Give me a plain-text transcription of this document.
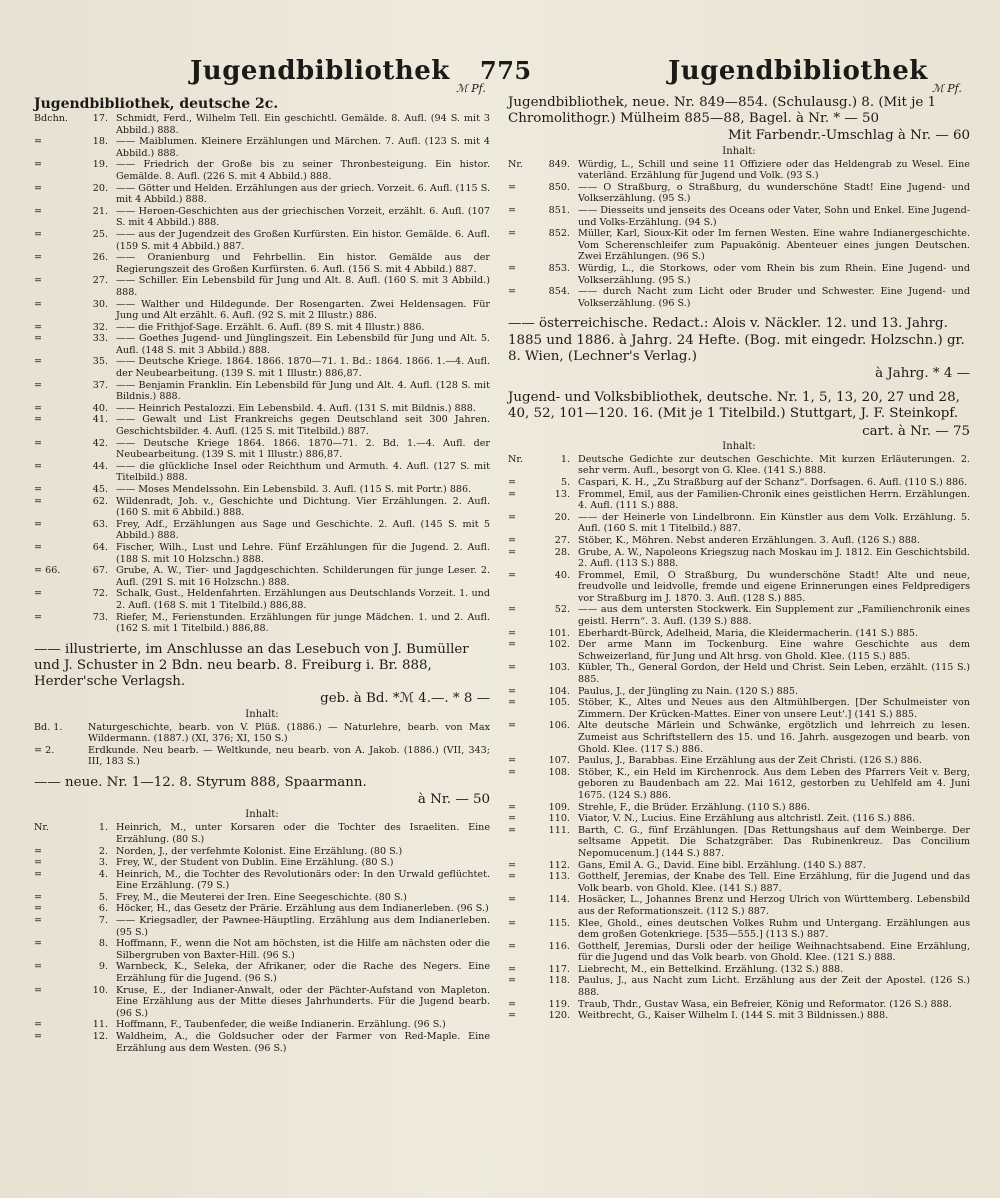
Jugendbibliothek 775	Jugendbibliothek
ℳ Pf.	ℳ Pf.
Jugendbibliothek, deutsche 2c.
Bdchn.	17. Schmidt, Ferd., Wilhelm Tell. Ein geschichtl. Gemälde. 8. Aufl. (94 S. mit 3 Abbild.) 888.
=	18. —— Maiblumen. Kleinere Erzählungen und Märchen. 7. Aufl. (123 S. mit 4 Abbild.) 888.
=	19. —— Friedrich der Große bis zu seiner Thronbesteigung. Ein histor. Gemälde. 8. Aufl. (226 S. mit 4 Abbild.) 888.
=	20. —— Götter und Helden. Erzählungen aus der griech. Vorzeit. 6. Aufl. (115 S. mit 4 Abbild.) 888.
=	21. —— Heroen-Geschichten aus der griechischen Vorzeit, erzählt. 6. Aufl. (107 S. mit 4 Abbild.) 888.
=	25. —— aus der Jugendzeit des Großen Kurfürsten. Ein histor. Gemälde. 6. Aufl. (159 S. mit 4 Abbild.) 887.
=	26. —— Oranienburg und Fehrbellin. Ein histor. Gemälde aus der Regierungszeit des Großen Kurfürsten. 6. Aufl. (156 S. mit 4 Abbild.) 887.
=	27. —— Schiller. Ein Lebensbild für Jung und Alt. 8. Aufl. (160 S. mit 3 Abbild.) 888.
=	30. —— Walther und Hildegunde. Der Rosengarten. Zwei Heldensagen. Für Jung und Alt erzählt. 6. Aufl. (92 S. mit 2 Illustr.) 886.
=	32. —— die Frithjof-Sage. Erzählt. 6. Aufl. (89 S. mit 4 Illustr.) 886.
=	33. —— Goethes Jugend- und Jünglingszeit. Ein Lebensbild für Jung und Alt. 5. Aufl. (148 S. mit 3 Abbild.) 888.
=	35. —— Deutsche Kriege. 1864. 1866. 1870—71. 1. Bd.: 1864. 1866. 1.—4. Aufl. der Neubearbeitung. (139 S. mit 1 Illustr.) 886,87.
=	37. —— Benjamin Franklin. Ein Lebensbild für Jung und Alt. 4. Aufl. (128 S. mit Bildnis.) 888.
=	40. —— Heinrich Pestalozzi. Ein Lebensbild. 4. Aufl. (131 S. mit Bildnis.) 888.
=	41. —— Gewalt und List Frankreichs gegen Deutschland seit 300 Jahren. Geschichtsbilder. 4. Aufl. (125 S. mit Titelbild.) 887.
=	42. —— Deutsche Kriege 1864. 1866. 1870—71. 2. Bd. 1.—4. Aufl. der Neubearbeitung. (139 S. mit 1 Illustr.) 886,87.
=	44. —— die glückliche Insel oder Reichthum und Armuth. 4. Aufl. (127 S. mit Titelbild.) 888.
=	45. —— Moses Mendelssohn. Ein Lebensbild. 3. Aufl. (115 S. mit Portr.) 886.
=	62. Wildenradt, Joh. v., Geschichte und Dichtung. Vier Erzählungen. 2. Aufl. (160 S. mit 6 Abbild.) 888.
=	63. Frey, Adf., Erzählungen aus Sage und Geschichte. 2. Aufl. (145 S. mit 5 Abbild.) 888.
=	64. Fischer, Wilh., Lust und Lehre. Fünf Erzählungen für die Jugend. 2. Aufl. (188 S. mit 10 Holzschn.) 888.
= 66.	67. Grube, A. W., Tier- und Jagdgeschichten. Schilderungen für junge Leser. 2. Aufl. (291 S. mit 16 Holzschn.) 888.
=	72. Schalk, Gust., Heldenfahrten. Erzählungen aus Deutschlands Vorzeit. 1. und 2. Aufl. (168 S. mit 1 Titelbild.) 886,88.
=	73. Riefer, M., Ferienstunden. Erzählungen für junge Mädchen. 1. und 2. Aufl. (162 S. mit 1 Titelbild.) 886,88.
—— illustrierte, im Anschlusse an das Lesebuch von J. Bumüller und J. Schuster in 2 Bdn. neu bearb. 8. Freiburg i. Br. 888, Herder'sche Verlagsh.
geb. à Bd. *ℳ 4.—. * 8 —
Inhalt:
Bd. 1.	Naturgeschichte, bearb. von V. Plüß. (1886.) — Naturlehre, bearb. von Max Wildermann. (1887.) (XI, 376; XI, 150 S.)
= 2.	Erdkunde. Neu bearb. — Weltkunde, neu bearb. von A. Jakob. (1886.) (VII, 343; III, 183 S.)
—— neue. Nr. 1—12. 8. Styrum 888, Spaarmann.
à Nr. — 50
Inhalt:
Nr.	1. Heinrich, M., unter Korsaren oder die Tochter des Israeliten. Eine Erzählung. (80 S.)
=	2. Norden, J., der verfehmte Kolonist. Eine Erzählung. (80 S.)
=	3. Frey, W., der Student von Dublin. Eine Erzählung. (80 S.)
=	4. Heinrich, M., die Tochter des Revolutionärs oder: In den Urwald geflüchtet. Eine Erzählung. (79 S.)
=	5. Frey, M., die Meuterei der Iren. Eine Seegeschichte. (80 S.)
=	6. Höcker, H., das Gesetz der Prärie. Erzählung aus dem Indianerleben. (96 S.)
=	7. —— Kriegsadler, der Pawnee-Häuptling. Erzählung aus dem Indianerleben. (95 S.)
=	8. Hoffmann, F., wenn die Not am höchsten, ist die Hilfe am nächsten oder die Silbergruben von Baxter-Hill. (96 S.)
=	9. Warnbeck, K., Seleka, der Afrikaner, oder die Rache des Negers. Eine Erzählung für die Jugend. (96 S.)
=	10. Kruse, E., der Indianer-Anwalt, oder der Pächter-Aufstand von Mapleton. Eine Erzählung aus der Mitte dieses Jahrhunderts. Für die Jugend bearb. (96 S.)
=	11. Hoffmann, F., Taubenfeder, die weiße Indianerin. Erzählung. (96 S.)
=	12. Waldheim, A., die Goldsucher oder der Farmer von Red-Maple. Eine Erzählung aus dem Westen. (96 S.)
Jugendbibliothek, neue. Nr. 849—854. (Schulausg.) 8. (Mit je 1 Chromolithogr.) Mülheim 885—88, Bagel. à Nr. * — 50
Mit Farbendr.-Umschlag à Nr. — 60
Inhalt:
Nr.	849. Würdig, L., Schill und seine 11 Offiziere oder das Heldengrab zu Wesel. Eine vaterländ. Erzählung für Jugend und Volk. (93 S.)
=	850. —— O Straßburg, o Straßburg, du wunderschöne Stadt! Eine Jugend- und Volkserzählung. (95 S.)
=	851. —— Diesseits und jenseits des Oceans oder Vater, Sohn und Enkel. Eine Jugend- und Volks-Erzählung. (94 S.)
=	852. Müller, Karl, Sioux-Kit oder Im fernen Westen. Eine wahre Indianergeschichte. Vom Scherenschleifer zum Papuakönig. Abenteuer eines jungen Deutschen. Zwei Erzählungen. (96 S.)
=	853. Würdig, L., die Storkows, oder vom Rhein bis zum Rhein. Eine Jugend- und Volkserzählung. (95 S.)
=	854. —— durch Nacht zum Licht oder Bruder und Schwester. Eine Jugend- und Volkserzählung. (96 S.)
—— österreichische. Redact.: Alois v. Näckler. 12. und 13. Jahrg. 1885 und 1886. à Jahrg. 24 Hefte. (Bog. mit eingedr. Holzschn.) gr. 8. Wien, (Lechner's Verlag.)
à Jahrg. * 4 —
Jugend- und Volksbibliothek, deutsche. Nr. 1, 5, 13, 20, 27 und 28, 40, 52, 101—120. 16. (Mit je 1 Titelbild.) Stuttgart, J. F. Steinkopf.
cart. à Nr. — 75
Inhalt:
Nr.	1. Deutsche Gedichte zur deutschen Geschichte. Mit kurzen Erläuterungen. 2. sehr verm. Aufl., besorgt von G. Klee. (141 S.) 888.
=	5. Caspari, K. H., „Zu Straßburg auf der Schanz“. Dorfsagen. 6. Aufl. (110 S.) 886.
=	13. Frommel, Emil, aus der Familien-Chronik eines geistlichen Herrn. Erzählungen. 4. Aufl. (111 S.) 888.
=	20. —— der Heinerle von Lindelbronn. Ein Künstler aus dem Volk. Erzählung. 5. Aufl. (160 S. mit 1 Titelbild.) 887.
=	27. Stöber, K., Möhren. Nebst anderen Erzählungen. 3. Aufl. (126 S.) 888.
=	28. Grube, A. W., Napoleons Kriegszug nach Moskau im J. 1812. Ein Geschichtsbild. 2. Aufl. (113 S.) 888.
=	40. Frommel, Emil, O Straßburg, Du wunderschöne Stadt! Alte und neue, freudvolle und leidvolle, fremde und eigene Erinnerungen eines Feldpredigers vor Straßburg im J. 1870. 3. Aufl. (128 S.) 885.
=	52. —— aus dem untersten Stockwerk. Ein Supplement zur „Familienchronik eines geistl. Herrn“. 3. Aufl. (139 S.) 888.
=	101. Eberhardt-Bürck, Adelheid, Maria, die Kleidermacherin. (141 S.) 885.
=	102. Der arme Mann im Tockenburg. Eine wahre Geschichte aus dem Schweizerland, für Jung und Alt hrsg. von Ghold. Klee. (115 S.) 885.
=	103. Kübler, Th., General Gordon, der Held und Christ. Sein Leben, erzählt. (115 S.) 885.
=	104. Paulus, J., der Jüngling zu Nain. (120 S.) 885.
=	105. Stöber, K., Altes und Neues aus den Altmühlbergen. [Der Schulmeister von Zimmern. Der Krücken-Mattes. Einer von unsere Leut'.] (141 S.) 885.
=	106. Alte deutsche Märlein und Schwänke, ergötzlich und lehrreich zu lesen. Zumeist aus Schriftstellern des 15. und 16. Jahrh. ausgezogen und bearb. von Ghold. Klee. (117 S.) 886.
=	107. Paulus, J., Barabbas. Eine Erzählung aus der Zeit Christi. (126 S.) 886.
=	108. Stöber, K., ein Held im Kirchenrock. Aus dem Leben des Pfarrers Veit v. Berg, geboren zu Baudenbach am 22. Mai 1612, gestorben zu Uehlfeld am 4. Juni 1675. (124 S.) 886.
=	109. Strehle, F., die Brüder. Erzählung. (110 S.) 886.
=	110. Viator, V. N., Lucius. Eine Erzählung aus altchristl. Zeit. (116 S.) 886.
=	111. Barth, C. G., fünf Erzählungen. [Das Rettungshaus auf dem Weinberge. Der seltsame Appetit. Die Schatzgräber. Das Rubinenkreuz. Das Concilium Nepomucenum.] (144 S.) 887.
=	112. Gans, Emil A. G., David. Eine bibl. Erzählung. (140 S.) 887.
=	113. Gotthelf, Jeremias, der Knabe des Tell. Eine Erzählung, für die Jugend und das Volk bearb. von Ghold. Klee. (141 S.) 887.
=	114. Hosäcker, L., Johannes Brenz und Herzog Ulrich von Württemberg. Lebensbild aus der Reformationszeit. (112 S.) 887.
=	115. Klee, Ghold., eines deutschen Volkes Ruhm und Untergang. Erzählungen aus dem großen Gotenkriege. [535—555.] (113 S.) 887.
=	116. Gotthelf, Jeremias, Dursli oder der heilige Weihnachtsabend. Eine Erzählung, für die Jugend und das Volk bearb. von Ghold. Klee. (121 S.) 888.
=	117. Liebrecht, M., ein Bettelkind. Erzählung. (132 S.) 888.
=	118. Paulus, J., aus Nacht zum Licht. Erzählung aus der Zeit der Apostel. (126 S.) 888.
=	119. Traub, Thdr., Gustav Wasa, ein Befreier, König und Reformator. (126 S.) 888.
=	120. Weitbrecht, G., Kaiser Wilhelm I. (144 S. mit 3 Bildnissen.) 888.
